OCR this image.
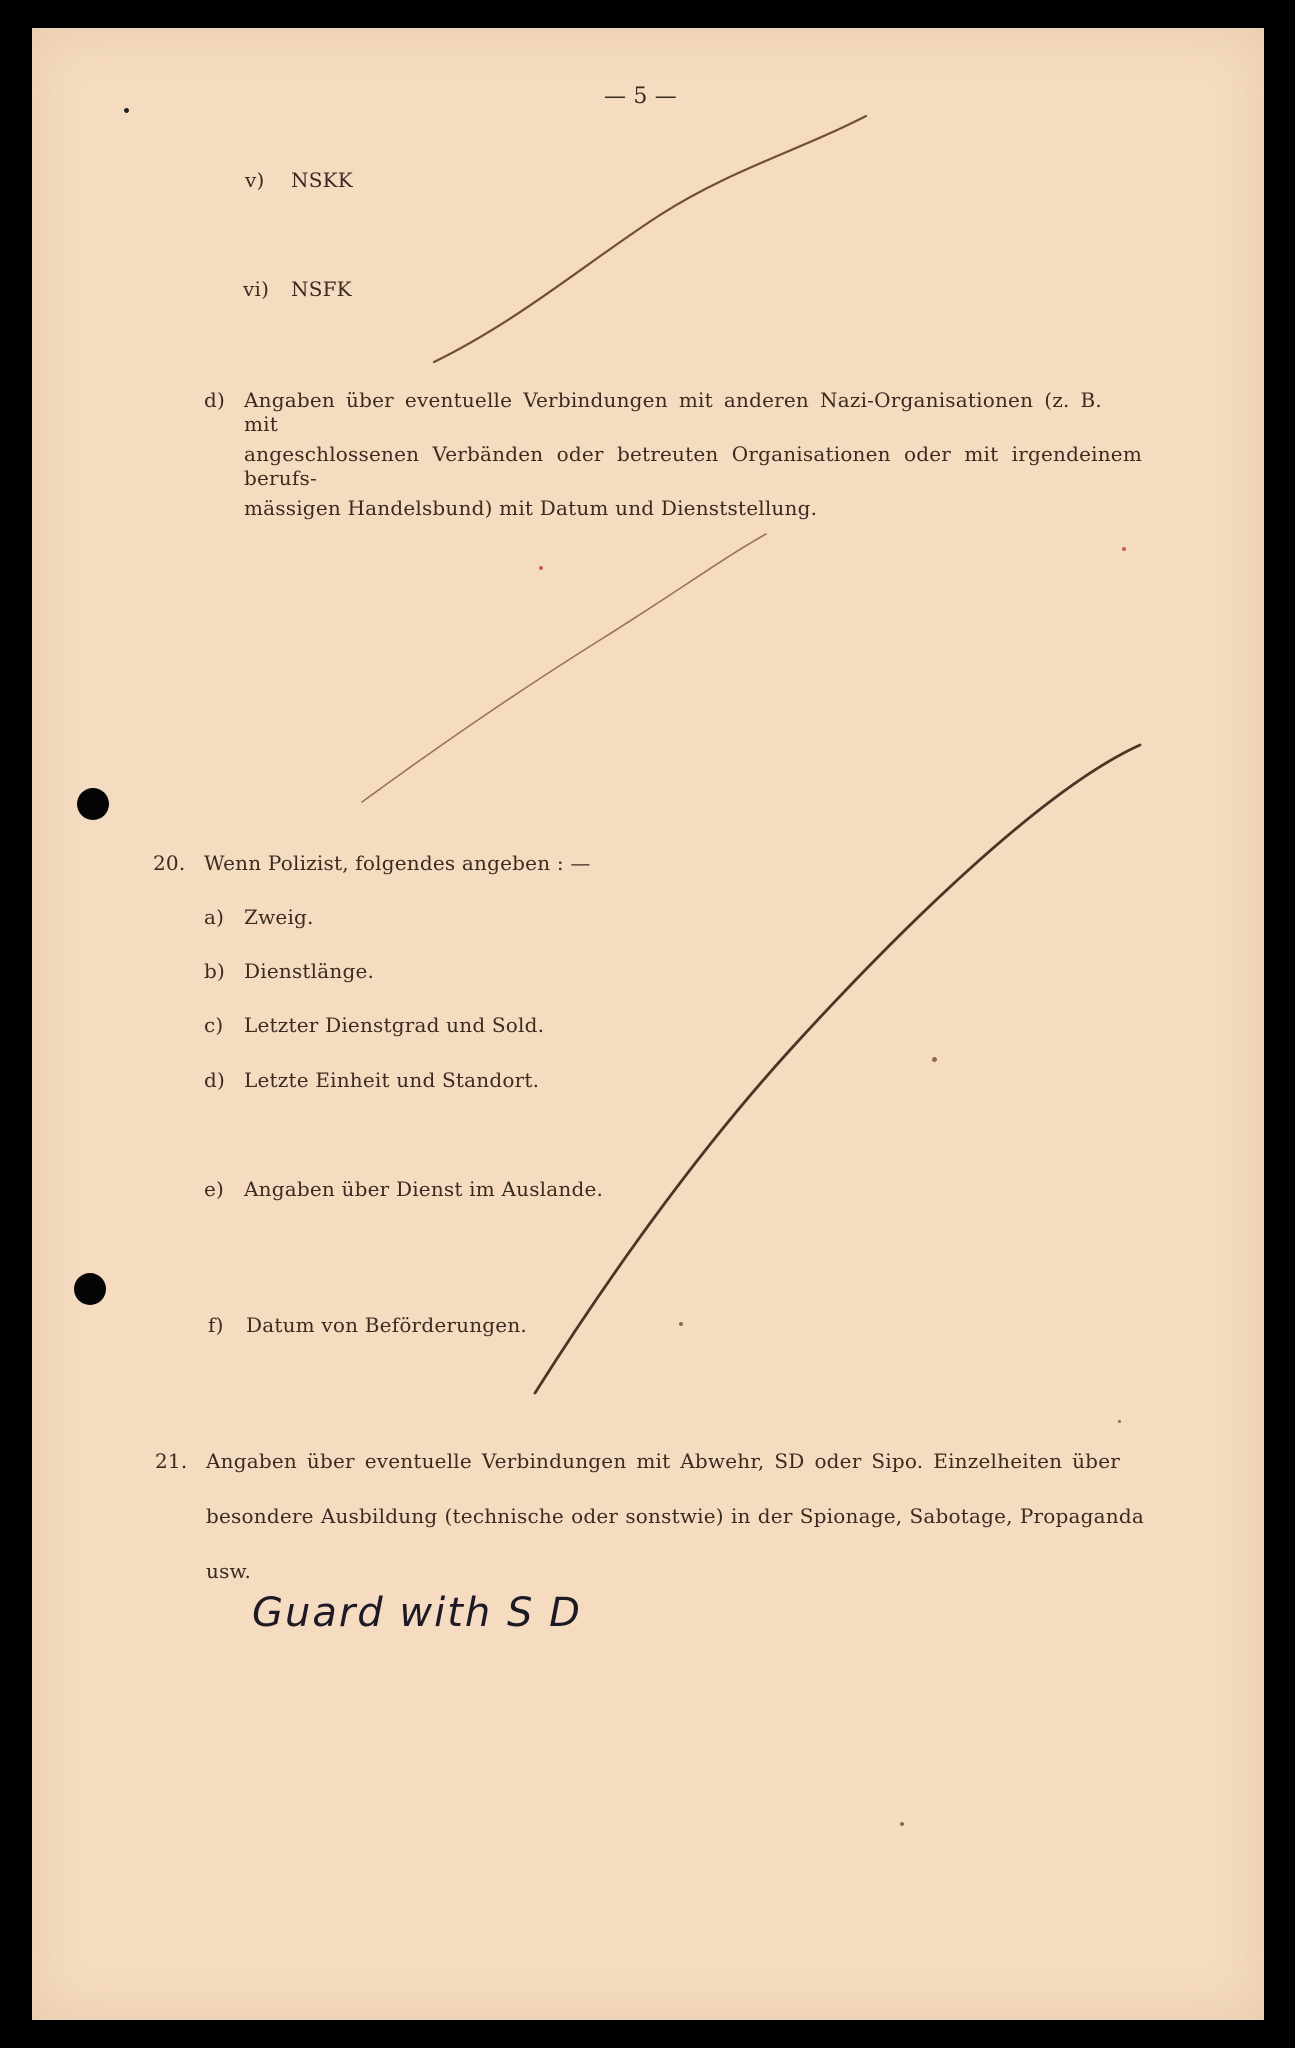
— 5 —
v) NSKK
vi) NSFK
d) Angaben über eventuelle Verbindungen mit anderen Nazi-Organisationen (z. B. mit
angeschlossenen Verbänden oder betreuten Organisationen oder mit irgendeinem berufs-
mässigen Handelsbund) mit Datum und Dienststellung.
20. Wenn Polizist, folgendes angeben : —
a) Zweig.
b) Dienstlänge.
c) Letzter Dienstgrad und Sold.
d) Letzte Einheit und Standort.
e) Angaben über Dienst im Auslande.
f) Datum von Beförderungen.
21. Angaben über eventuelle Verbindungen mit Abwehr, SD oder Sipo. Einzelheiten über
besondere Ausbildung (technische oder sonstwie) in der Spionage, Sabotage, Propaganda
usw.
Guard with S D
